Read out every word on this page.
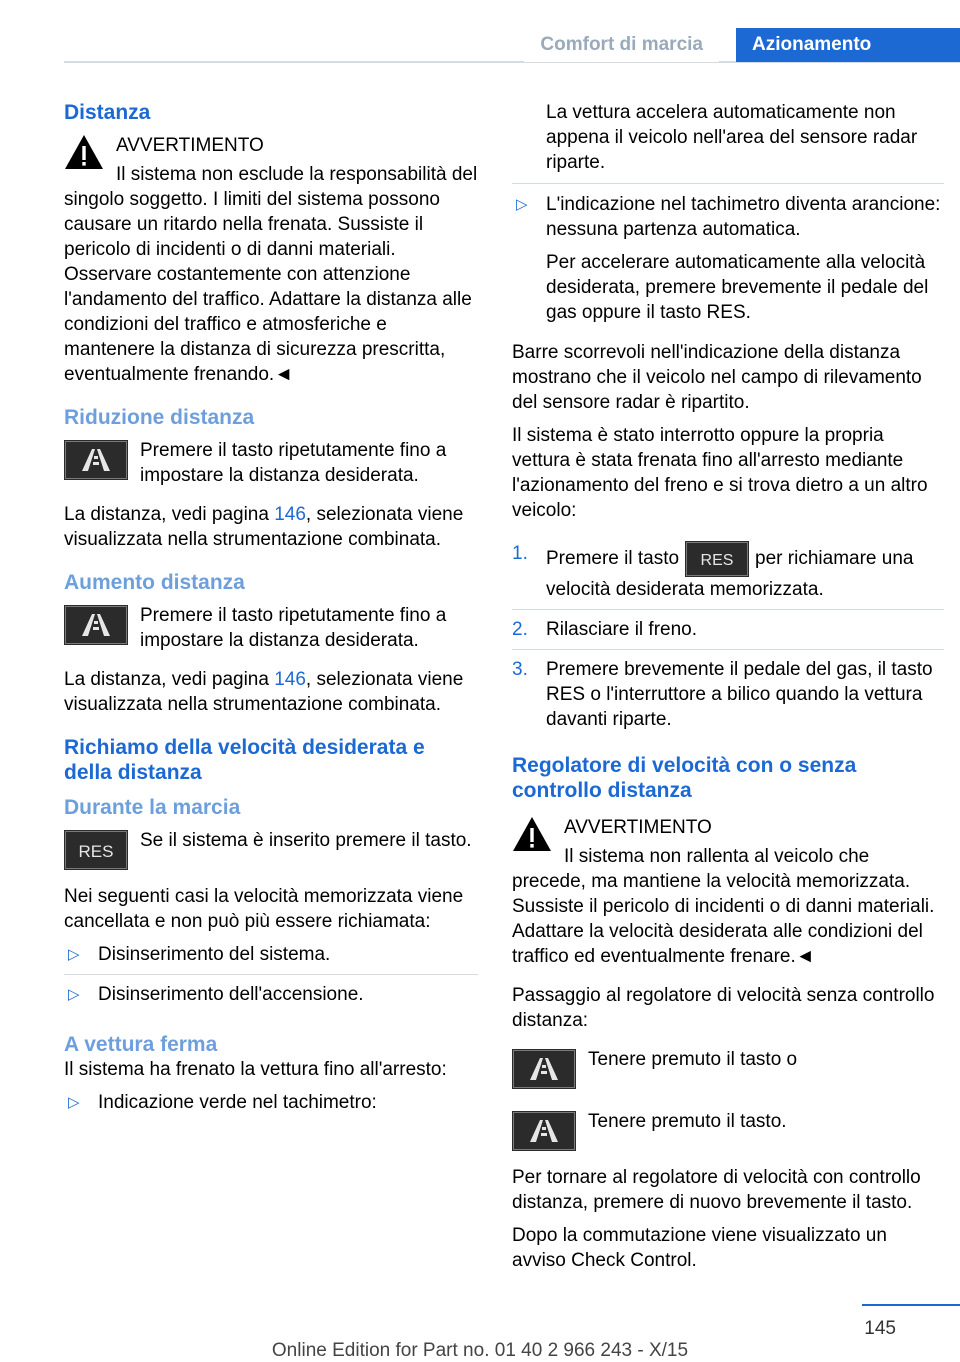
Comfort di marcia	Azionamento
Distanza

AVVERTIMENTO

Il sistema non esclude la responsabilità del singolo soggetto. I limiti del sistema possono causare un ritardo nella frenata. Sussiste il pericolo di incidenti o di danni materiali. Osservare costantemente con attenzione l'andamento del traffico. Adattare la distanza alle condizioni del traffico e atmosferiche e mantenere la distanza di sicurezza prescritta, eventualmente frenando.◄

Riduzione distanza
Premere il tasto ripetutamente fino a impostare la distanza desiderata.

La distanza, vedi pagina 146, selezionata viene visualizzata nella strumentazione combinata.

Aumento distanza
Premere il tasto ripetutamente fino a impostare la distanza desiderata.

La distanza, vedi pagina 146, selezionata viene visualizzata nella strumentazione combinata.

Richiamo della velocità desiderata e della distanza
Durante la marcia
RES
Se il sistema è inserito premere il tasto.

Nei seguenti casi la velocità memorizzata viene cancellata e non può più essere richiamata:

▷ Disinserimento del sistema.
▷ Disinserimento dell'accensione.
A vettura ferma

Il sistema ha frenato la vettura fino all'arresto:

▷ Indicazione verde nel tachimetro:

La vettura accelera automaticamente non appena il veicolo nell'area del sensore radar riparte.

▷ L'indicazione nel tachimetro diventa arancione: nessuna partenza automatica.
Per accelerare automaticamente alla velocità desiderata, premere brevemente il pedale del gas oppure il tasto RES.

Barre scorrevoli nell'indicazione della distanza mostrano che il veicolo nel campo di rilevamento del sensore radar è ripartito.

Il sistema è stato interrotto oppure la propria vettura è stata frenata fino all'arresto mediante l'azionamento del freno e si trova dietro a un altro veicolo:

1. Premere il tasto RES per richiamare una velocità desiderata memorizzata.
2. Rilasciare il freno.
3. Premere brevemente il pedale del gas, il tasto RES o l'interruttore a bilico quando la vettura davanti riparte.
Regolatore di velocità con o senza controllo distanza

AVVERTIMENTO

Il sistema non rallenta al veicolo che precede, ma mantiene la velocità memorizzata. Sussiste il pericolo di incidenti o di danni materiali. Adattare la velocità desiderata alle condizioni del traffico ed eventualmente frenare.◄

Passaggio al regolatore di velocità senza controllo distanza:

Tenere premuto il tasto o
Tenere premuto il tasto.

Per tornare al regolatore di velocità con controllo distanza, premere di nuovo brevemente il tasto.

Dopo la commutazione viene visualizzato un avviso Check Control.

145
Online Edition for Part no. 01 40 2 966 243 - X/15
